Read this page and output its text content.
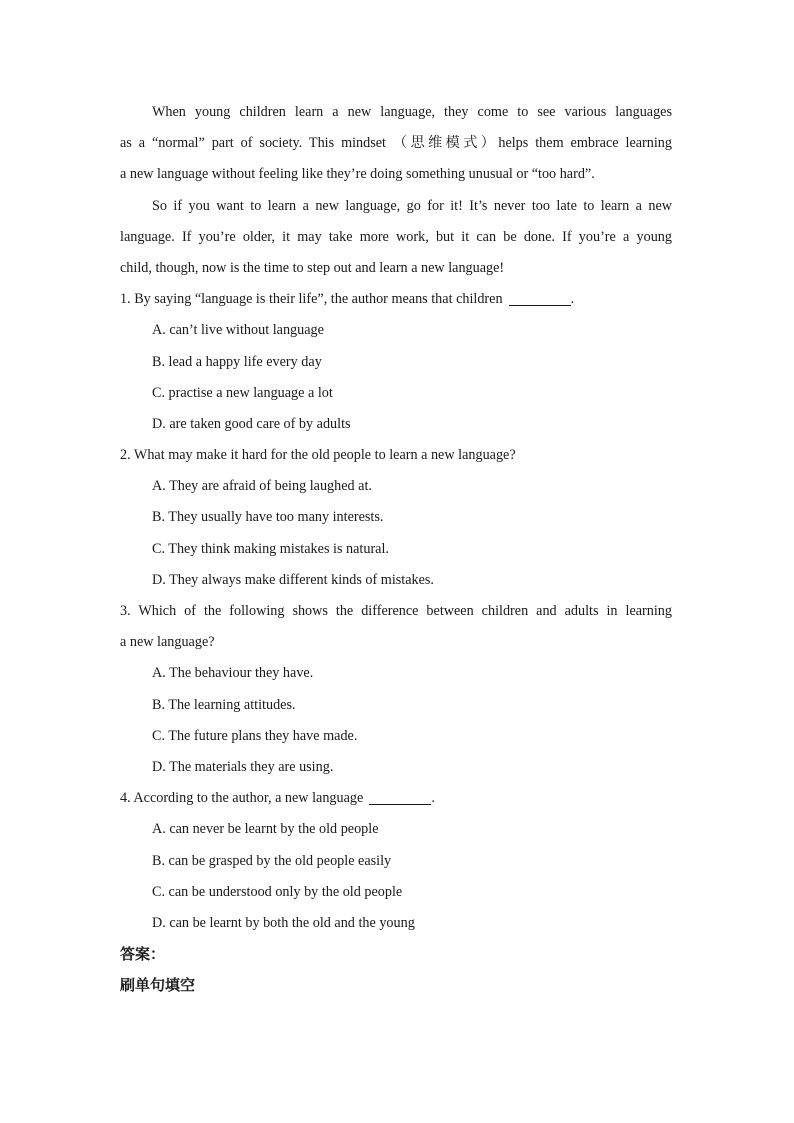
When young children learn a new language, they come to see various languages
as a “normal” part of society. This mindset （思维模式）helps them embrace learning
a new language without feeling like they’re doing something unusual or “too hard”.
So if you want to learn a new language, go for it! It’s never too late to learn a new
language. If you’re older, it may take more work, but it can be done. If you’re a young
child, though, now is the time to step out and learn a new language!
1. By saying “language is their life”, the author means that children	.
A. can’t live without language
B. lead a happy life every day
C. practise a new language a lot
D. are taken good care of by adults
2. What may make it hard for the old people to learn a new language?
A. They are afraid of being laughed at.
B. They usually have too many interests.
C. They think making mistakes is natural.
D. They always make different kinds of mistakes.
3. Which of the following shows the difference between children and adults in learning
a new language?
A. The behaviour they have.
B. The learning attitudes.
C. The future plans they have made.
D. The materials they are using.
4. According to the author, a new language	.
A. can never be learnt by the old people
B. can be grasped by the old people easily
C. can be understood only by the old people
D. can be learnt by both the old and the young
答案：
刷单句填空
